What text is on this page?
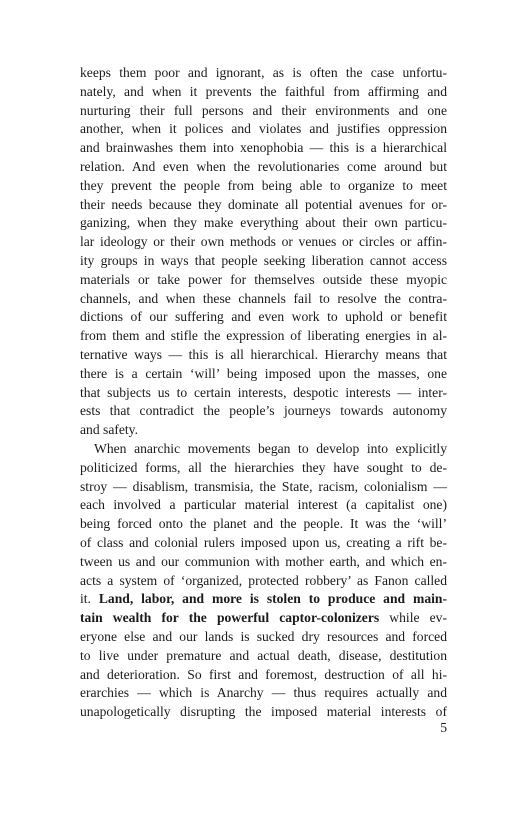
keeps them poor and ignorant, as is often the case unfortu-
nately, and when it prevents the faithful from affirming and
nurturing their full persons and their environments and one
another, when it polices and violates and justifies oppression
and brainwashes them into xenophobia — this is a hierarchical
relation. And even when the revolutionaries come around but
they prevent the people from being able to organize to meet
their needs because they dominate all potential avenues for or-
ganizing, when they make everything about their own particu-
lar ideology or their own methods or venues or circles or affin-
ity groups in ways that people seeking liberation cannot access
materials or take power for themselves outside these myopic
channels, and when these channels fail to resolve the contra-
dictions of our suffering and even work to uphold or benefit
from them and stifle the expression of liberating energies in al-
ternative ways — this is all hierarchical. Hierarchy means that
there is a certain ‘will’ being imposed upon the masses, one
that subjects us to certain interests, despotic interests — inter-
ests that contradict the people’s journeys towards autonomy
and safety.
When anarchic movements began to develop into explicitly
politicized forms, all the hierarchies they have sought to de-
stroy — disablism, transmisia, the State, racism, colonialism —
each involved a particular material interest (a capitalist one)
being forced onto the planet and the people. It was the ‘will’
of class and colonial rulers imposed upon us, creating a rift be-
tween us and our communion with mother earth, and which en-
acts a system of ‘organized, protected robbery’ as Fanon called
it. Land, labor, and more is stolen to produce and main-
tain wealth for the powerful captor-colonizers while ev-
eryone else and our lands is sucked dry resources and forced
to live under premature and actual death, disease, destitution
and deterioration. So first and foremost, destruction of all hi-
erarchies — which is Anarchy — thus requires actually and
unapologetically disrupting the imposed material interests of
5
